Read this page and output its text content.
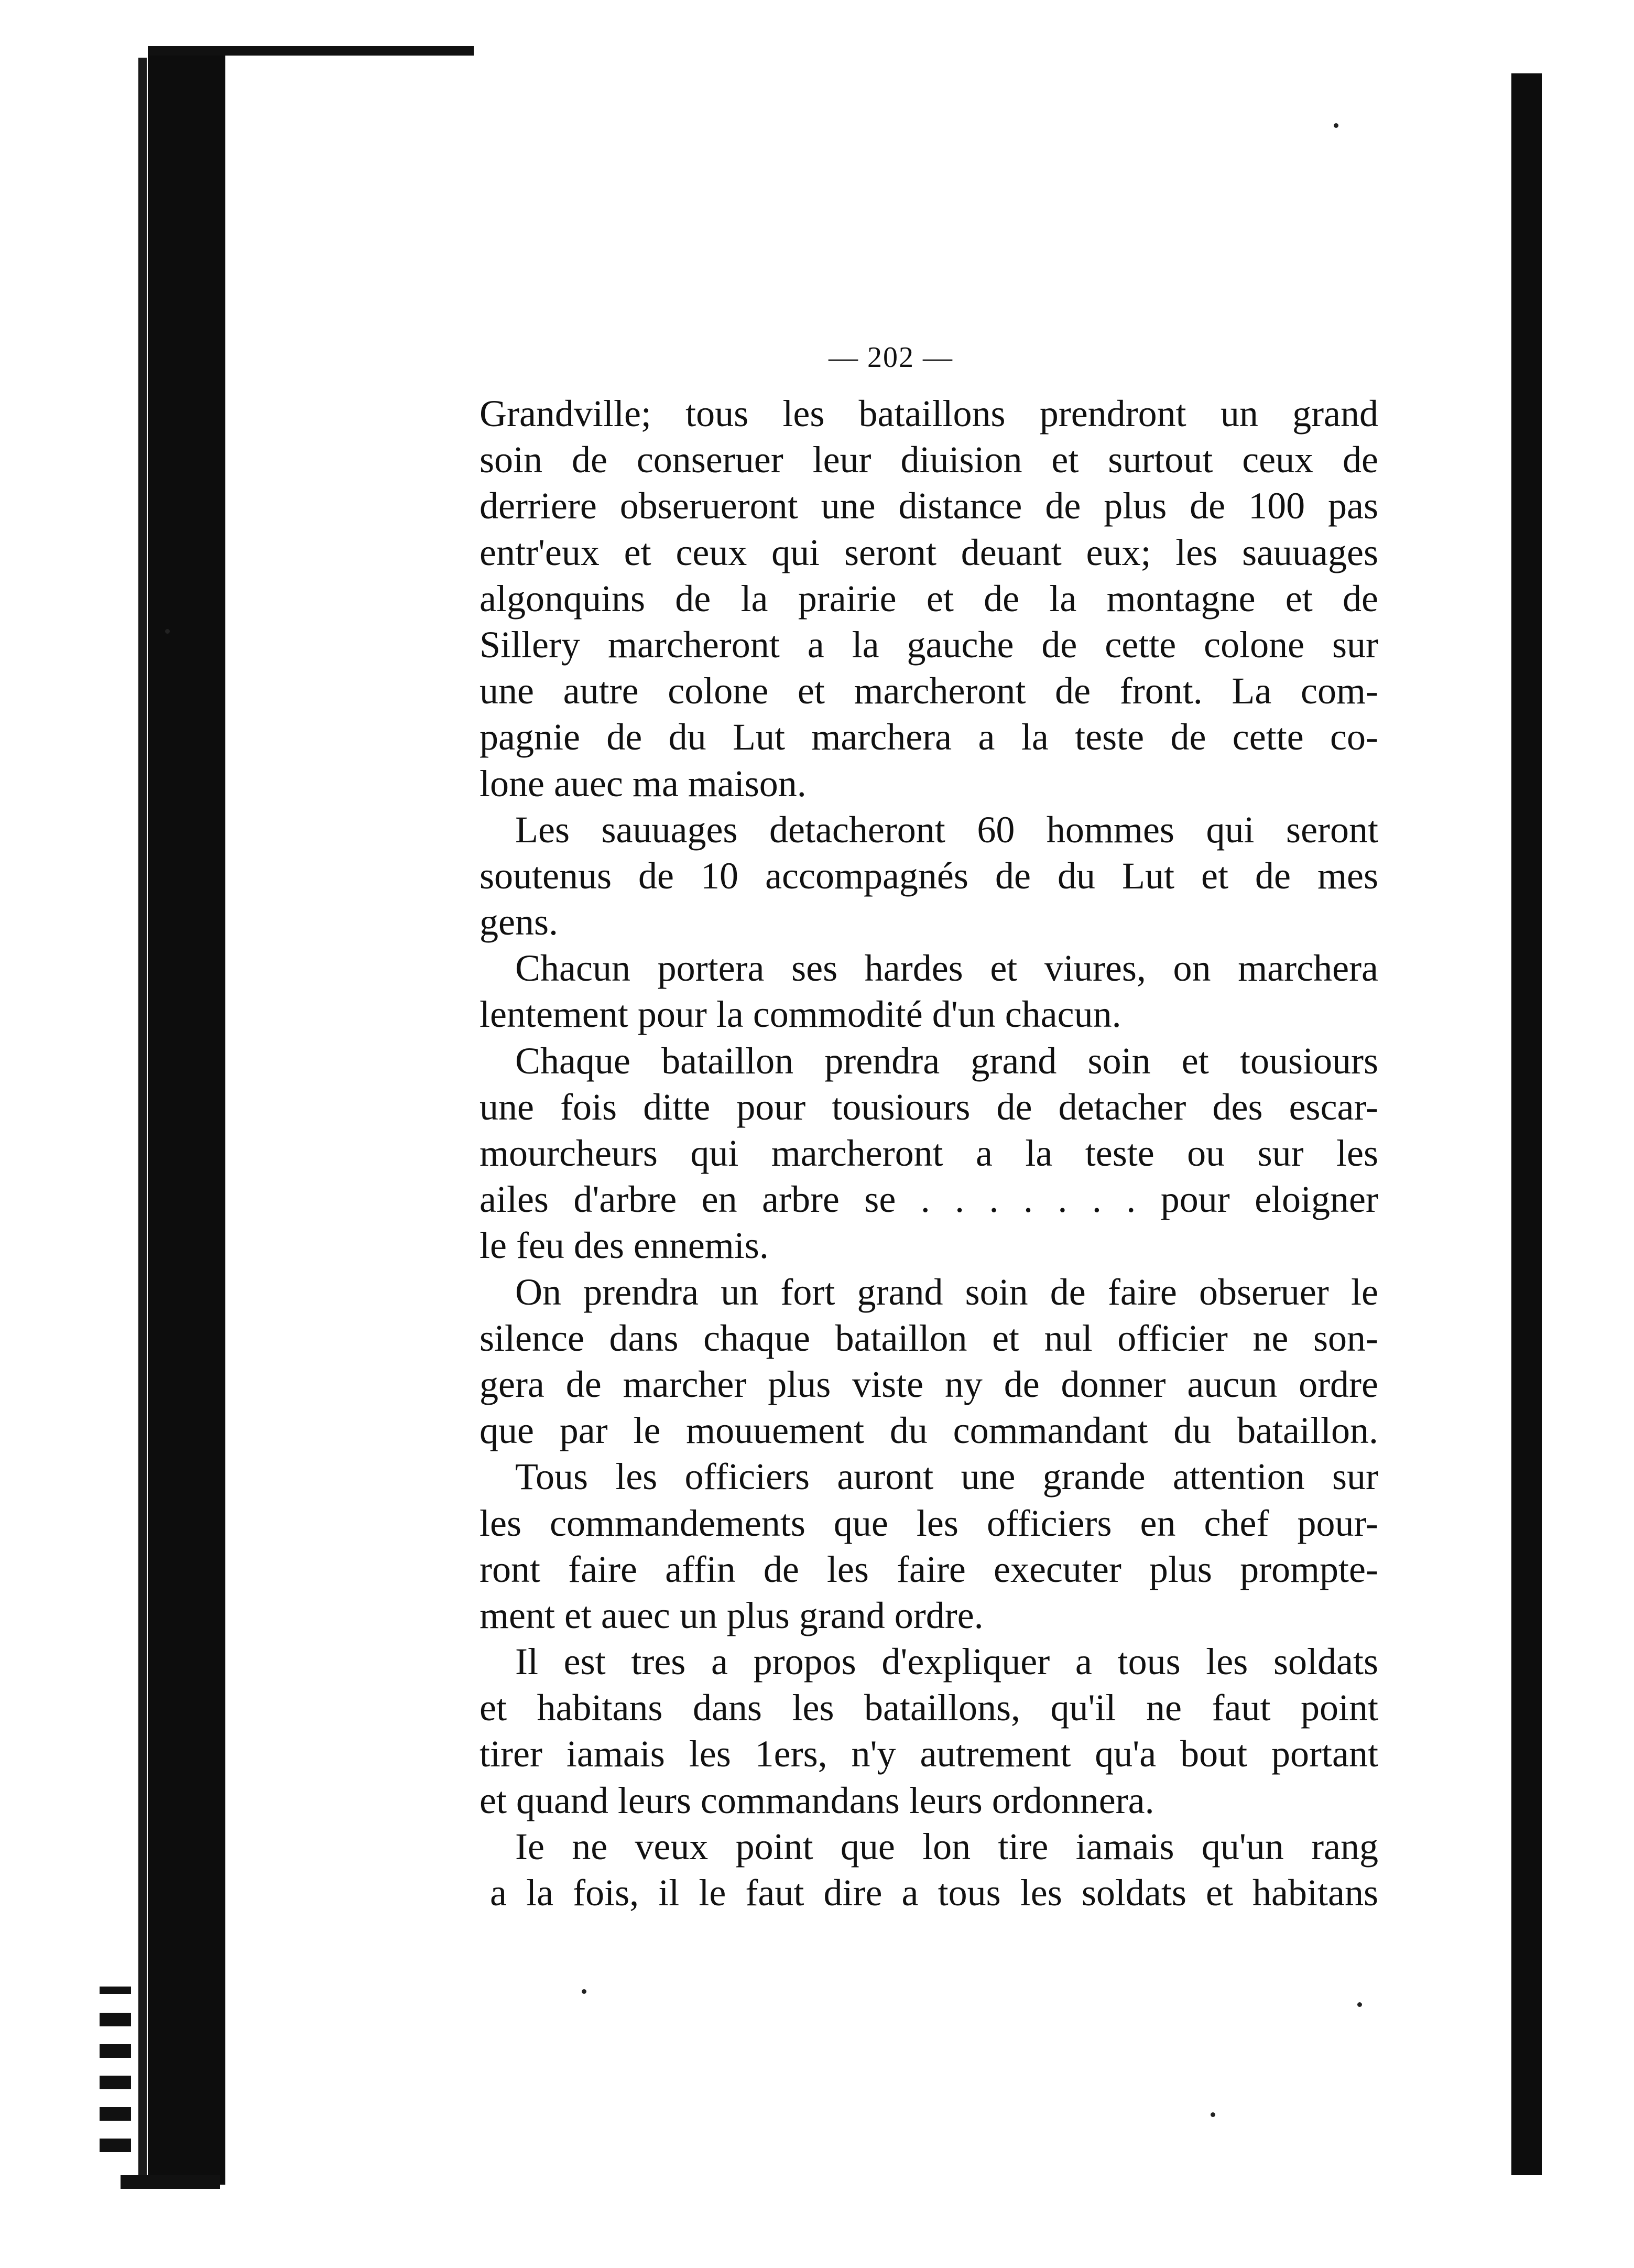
— 202 —
Grandville; tous les bataillons prendront un grand
soin de conseruer leur diuision et surtout ceux de
derriere obserueront une distance de plus de 100 pas
entr'eux et ceux qui seront deuant eux; les sauuages
algonquins de la prairie et de la montagne et de
Sillery marcheront a la gauche de cette colone sur
une autre colone et marcheront de front. La com-
pagnie de du Lut marchera a la teste de cette co-
lone auec ma maison.
Les sauuages detacheront 60 hommes qui seront
soutenus de 10 accompagnés de du Lut et de mes
gens.
Chacun portera ses hardes et viures, on marchera
lentement pour la commodité d'un chacun.
Chaque bataillon prendra grand soin et tousiours
une fois ditte pour tousiours de detacher des escar-
mourcheurs qui marcheront a la teste ou sur les
ailes d'arbre en arbre se . . . . . . . pour eloigner
le feu des ennemis.
On prendra un fort grand soin de faire obseruer le
silence dans chaque bataillon et nul officier ne son-
gera de marcher plus viste ny de donner aucun ordre
que par le mouuement du commandant du bataillon.
Tous les officiers auront une grande attention sur
les commandements que les officiers en chef pour-
ront faire affin de les faire executer plus prompte-
ment et auec un plus grand ordre.
Il est tres a propos d'expliquer a tous les soldats
et habitans dans les bataillons, qu'il ne faut point
tirer iamais les 1ers, n'y autrement qu'a bout portant
et quand leurs commandans leurs ordonnera.
Ie ne veux point que lon tire iamais qu'un rang
a la fois, il le faut dire a tous les soldats et habitans
